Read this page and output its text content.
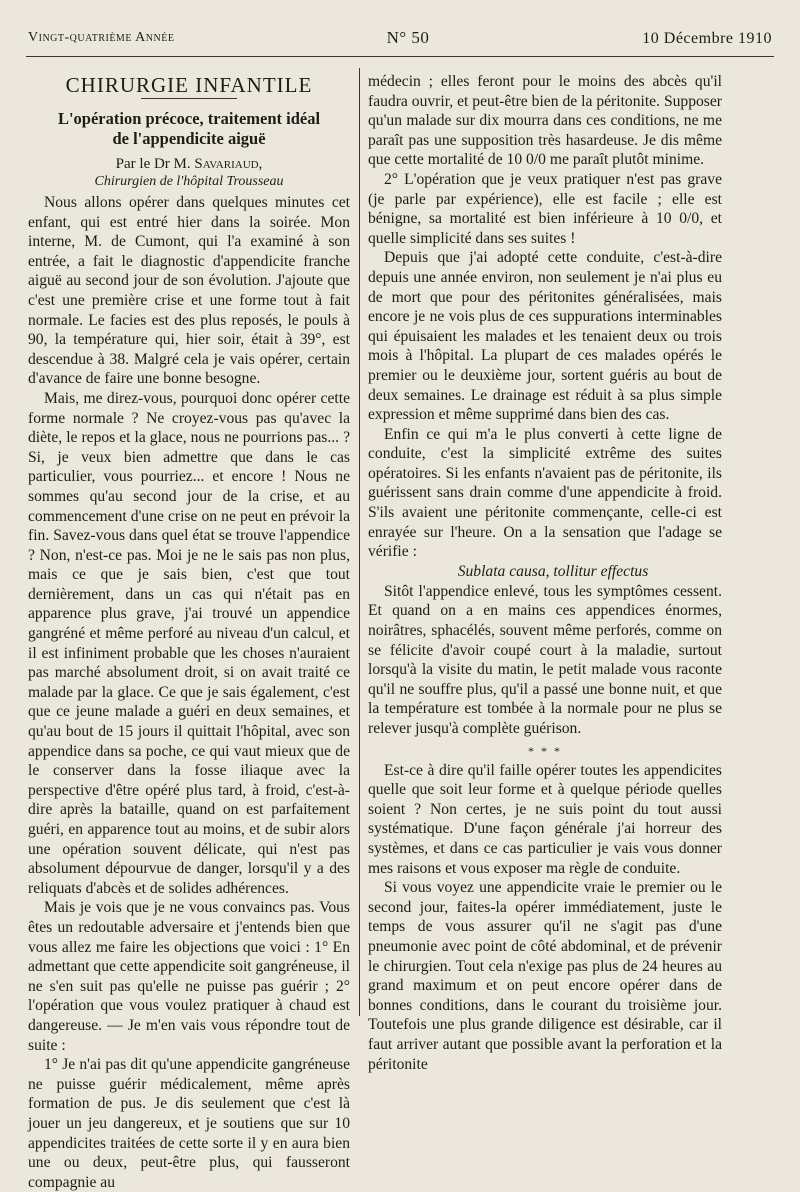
Vingt-quatrième Année	N° 50	10 Décembre 1910

CHIRURGIE INFANTILE

L'opération précoce, traitement idéal
de l'appendicite aiguë
Par le Dr M. Savariaud,
Chirurgien de l'hôpital Trousseau

Nous allons opérer dans quelques minutes cet enfant, qui est entré hier dans la soirée. Mon interne, M. de Cumont, qui l'a examiné à son entrée, a fait le diagnostic d'appendicite franche aiguë au second jour de son évolution. J'ajoute que c'est une première crise et une forme tout à fait normale. Le facies est des plus reposés, le pouls à 90, la température qui, hier soir, était à 39°, est descendue à 38. Malgré cela je vais opérer, certain d'avance de faire une bonne besogne.

Mais, me direz-vous, pourquoi donc opérer cette forme normale ? Ne croyez-vous pas qu'avec la diète, le repos et la glace, nous ne pourrions pas... ? Si, je veux bien admettre que dans le cas particulier, vous pourriez... et encore ! Nous ne sommes qu'au second jour de la crise, et au commencement d'une crise on ne peut en prévoir la fin. Savez-vous dans quel état se trouve l'appendice ? Non, n'est-ce pas. Moi je ne le sais pas non plus, mais ce que je sais bien, c'est que tout dernièrement, dans un cas qui n'était pas en apparence plus grave, j'ai trouvé un appendice gangréné et même perforé au niveau d'un calcul, et il est infiniment probable que les choses n'auraient pas marché absolument droit, si on avait traité ce malade par la glace. Ce que je sais également, c'est que ce jeune malade a guéri en deux semaines, et qu'au bout de 15 jours il quittait l'hôpital, avec son appendice dans sa poche, ce qui vaut mieux que de le conserver dans la fosse iliaque avec la perspective d'être opéré plus tard, à froid, c'est-à-dire après la bataille, quand on est parfaitement guéri, en apparence tout au moins, et de subir alors une opération souvent délicate, qui n'est pas absolument dépourvue de danger, lorsqu'il y a des reliquats d'abcès et de solides adhérences.

Mais je vois que je ne vous convaincs pas. Vous êtes un redoutable adversaire et j'entends bien que vous allez me faire les objections que voici : 1° En admettant que cette appendicite soit gangréneuse, il ne s'en suit pas qu'elle ne puisse pas guérir ; 2° l'opération que vous voulez pratiquer à chaud est dangereuse. — Je m'en vais vous répondre tout de suite :

1° Je n'ai pas dit qu'une appendicite gangréneuse ne puisse guérir médicalement, même après formation de pus. Je dis seulement que c'est là jouer un jeu dangereux, et je soutiens que sur 10 appendicites traitées de cette sorte il y en aura bien une ou deux, peut-être plus, qui fausseront compagnie au

médecin ; elles feront pour le moins des abcès qu'il faudra ouvrir, et peut-être bien de la péritonite. Supposer qu'un malade sur dix mourra dans ces conditions, ne me paraît pas une supposition très hasardeuse. Je dis même que cette mortalité de 10 0/0 me paraît plutôt minime.

2° L'opération que je veux pratiquer n'est pas grave (je parle par expérience), elle est facile ; elle est bénigne, sa mortalité est bien inférieure à 10 0/0, et quelle simplicité dans ses suites !

Depuis que j'ai adopté cette conduite, c'est-à-dire depuis une année environ, non seulement je n'ai plus eu de mort que pour des péritonites généralisées, mais encore je ne vois plus de ces suppurations interminables qui épuisaient les malades et les tenaient deux ou trois mois à l'hôpital. La plupart de ces malades opérés le premier ou le deuxième jour, sortent guéris au bout de deux semaines. Le drainage est réduit à sa plus simple expression et même supprimé dans bien des cas.

Enfin ce qui m'a le plus converti à cette ligne de conduite, c'est la simplicité extrême des suites opératoires. Si les enfants n'avaient pas de péritonite, ils guérissent sans drain comme d'une appendicite à froid. S'ils avaient une péritonite commençante, celle-ci est enrayée sur l'heure. On a la sensation que l'adage se vérifie :

Sublata causa, tollitur effectus

Sitôt l'appendice enlevé, tous les symptômes cessent. Et quand on a en mains ces appendices énormes, noirâtres, sphacélés, souvent même perforés, comme on se félicite d'avoir coupé court à la maladie, surtout lorsqu'à la visite du matin, le petit malade vous raconte qu'il ne souffre plus, qu'il a passé une bonne nuit, et que la température est tombée à la normale pour ne plus se relever jusqu'à complète guérison.

* * *

Est-ce à dire qu'il faille opérer toutes les appendicites quelle que soit leur forme et à quelque période quelles soient ? Non certes, je ne suis point du tout aussi systématique. D'une façon générale j'ai horreur des systèmes, et dans ce cas particulier je vais vous donner mes raisons et vous exposer ma règle de conduite.

Si vous voyez une appendicite vraie le premier ou le second jour, faites-la opérer immédiatement, juste le temps de vous assurer qu'il ne s'agit pas d'une pneumonie avec point de côté abdominal, et de prévenir le chirurgien. Tout cela n'exige pas plus de 24 heures au grand maximum et on peut encore opérer dans de bonnes conditions, dans le courant du troisième jour. Toutefois une plus grande diligence est désirable, car il faut arriver autant que possible avant la perforation et la péritonite
